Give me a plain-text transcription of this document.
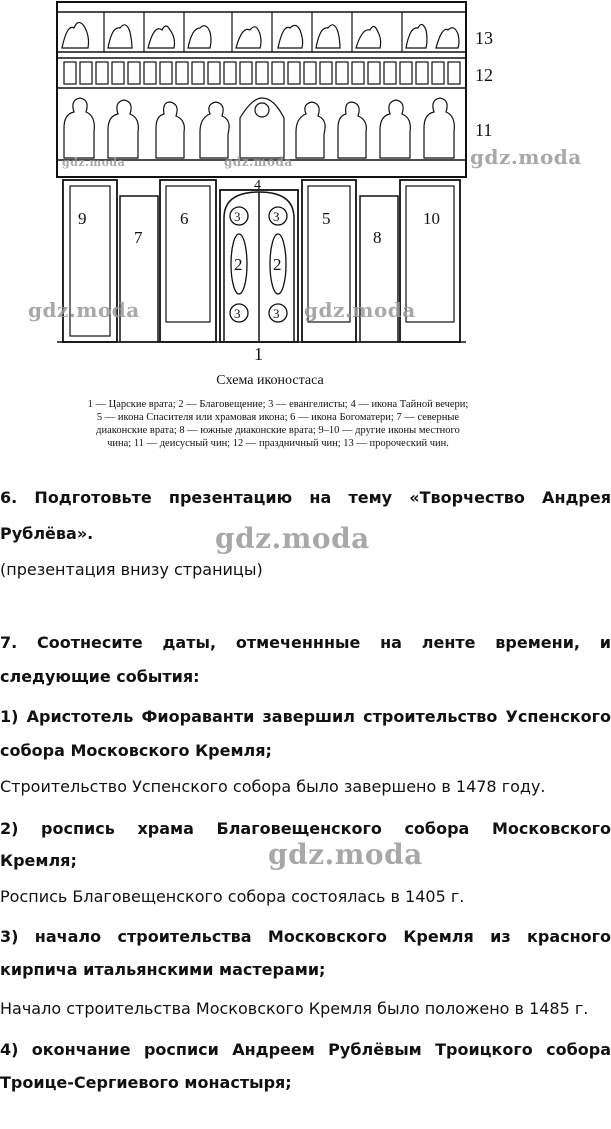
13
12
11
9
7
6
4
3	3
2 2
3	3
5
8
10
1
Схема иконостаса
1 — Царские врата; 2 — Благовещение; 3 — евангелисты; 4 — икона Тайной вечери;
5 — икона Спасителя или храмовая икона; 6 — икона Богоматери; 7 — северные
диаконские врата; 8 — южные диаконские врата; 9–10 — другие иконы местного
чина; 11 — деисусный чин; 12 — праздничный чин; 13 — пророческий чин.
gdz.moda	gdz.moda	gdz.moda
gdz.moda	gdz.moda
gdz.moda
gdz.moda
6. Подготовьте презентацию на тему «Творчество Андрея
Рублёва».
(презентация внизу страницы)
7. Соотнесите даты, отмеченнные на ленте времени, и
следующие события:
1) Аристотель Фиораванти завершил строительство Успенского
собора Московского Кремля;
Строительство Успенского собора было завершено в 1478 году.
2) роспись храма Благовещенского собора Московского
Кремля;
Роспись Благовещенского собора состоялась в 1405 г.
3) начало строительства Московского Кремля из красного
кирпича итальянскими мастерами;
Начало строительства Московского Кремля было положено в 1485 г.
4) окончание росписи Андреем Рублёвым Троицкого собора
Троице-Сергиевого монастыря;
